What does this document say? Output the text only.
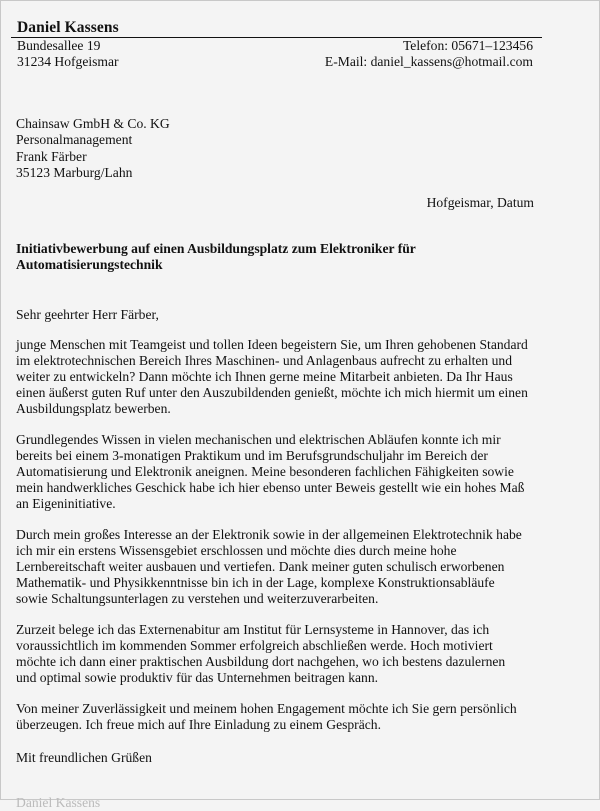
Daniel Kassens
Bundesallee 19
31234 Hofgeismar
Telefon: 05671–123456
E-Mail: daniel_kassens@hotmail.com
Chainsaw GmbH & Co. KG
Personalmanagement
Frank Färber
35123 Marburg/Lahn
Hofgeismar, Datum
Initiativbewerbung auf einen Ausbildungsplatz zum Elektroniker für
Automatisierungstechnik
Sehr geehrter Herr Färber,
junge Menschen mit Teamgeist und tollen Ideen begeistern Sie, um Ihren gehobenen Standard
im elektrotechnischen Bereich Ihres Maschinen- und Anlagenbaus aufrecht zu erhalten und
weiter zu entwickeln? Dann möchte ich Ihnen gerne meine Mitarbeit anbieten. Da Ihr Haus
einen äußerst guten Ruf unter den Auszubildenden genießt, möchte ich mich hiermit um einen
Ausbildungsplatz bewerben.
Grundlegendes Wissen in vielen mechanischen und elektrischen Abläufen konnte ich mir
bereits bei einem 3-monatigen Praktikum und im Berufsgrundschuljahr im Bereich der
Automatisierung und Elektronik aneignen. Meine besonderen fachlichen Fähigkeiten sowie
mein handwerkliches Geschick habe ich hier ebenso unter Beweis gestellt wie ein hohes Maß
an Eigeninitiative.
Durch mein großes Interesse an der Elektronik sowie in der allgemeinen Elektrotechnik habe
ich mir ein erstens Wissensgebiet erschlossen und möchte dies durch meine hohe
Lernbereitschaft weiter ausbauen und vertiefen. Dank meiner guten schulisch erworbenen
Mathematik- und Physikkenntnisse bin ich in der Lage, komplexe Konstruktionsabläufe
sowie Schaltungsunterlagen zu verstehen und weiterzuverarbeiten.
Zurzeit belege ich das Externenabitur am Institut für Lernsysteme in Hannover, das ich
voraussichtlich im kommenden Sommer erfolgreich abschließen werde. Hoch motiviert
möchte ich dann einer praktischen Ausbildung dort nachgehen, wo ich bestens dazulernen
und optimal sowie produktiv für das Unternehmen beitragen kann.
Von meiner Zuverlässigkeit und meinem hohen Engagement möchte ich Sie gern persönlich
überzeugen. Ich freue mich auf Ihre Einladung zu einem Gespräch.
Mit freundlichen Grüßen
Daniel Kassens
